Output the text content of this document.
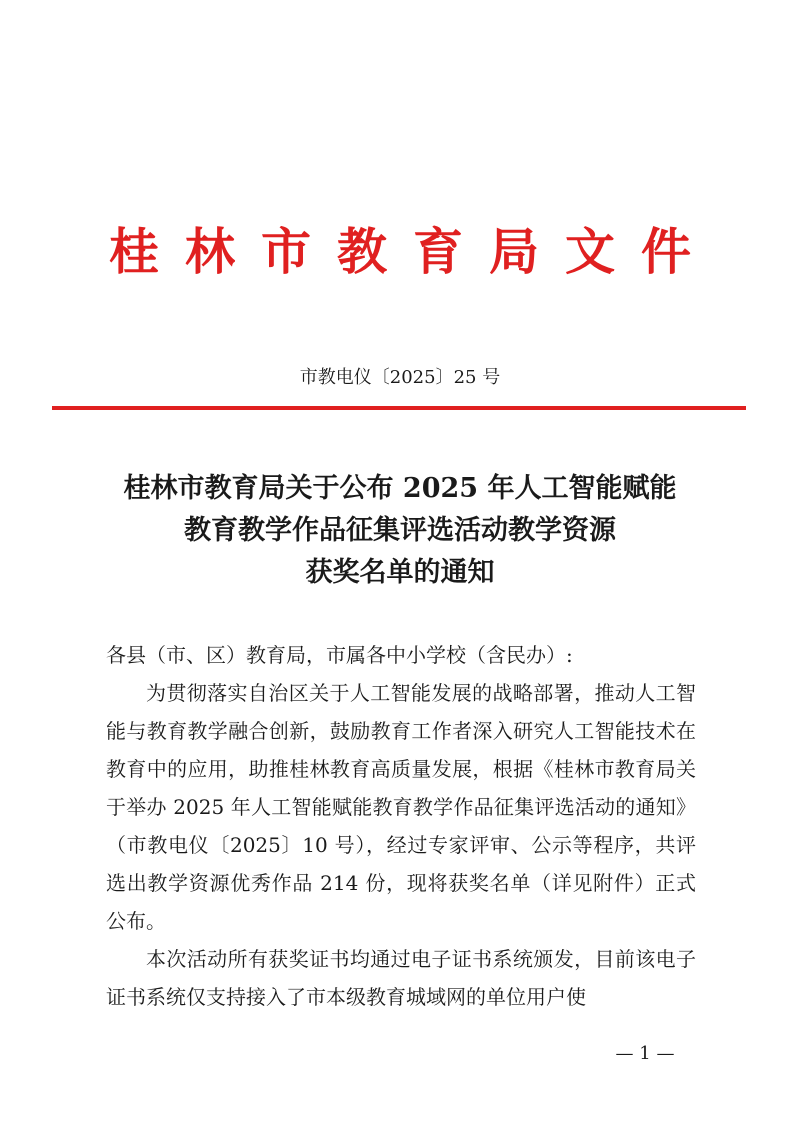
桂林市教育局文件
市教电仪〔2025〕25 号
桂林市教育局关于公布 2025 年人工智能赋能
教育教学作品征集评选活动教学资源
获奖名单的通知

各县（市、区）教育局，市属各中小学校（含民办）:

为贯彻落实自治区关于人工智能发展的战略部署，推动人工智能与教育教学融合创新，鼓励教育工作者深入研究人工智能技术在教育中的应用，助推桂林教育高质量发展，根据《桂林市教育局关于举办 2025 年人工智能赋能教育教学作品征集评选活动的通知》（市教电仪〔2025〕10 号），经过专家评审、公示等程序，共评选出教学资源优秀作品 214 份，现将获奖名单（详见附件）正式公布。

本次活动所有获奖证书均通过电子证书系统颁发，目前该电子证书系统仅支持接入了市本级教育城域网的单位用户使

— 1 —
